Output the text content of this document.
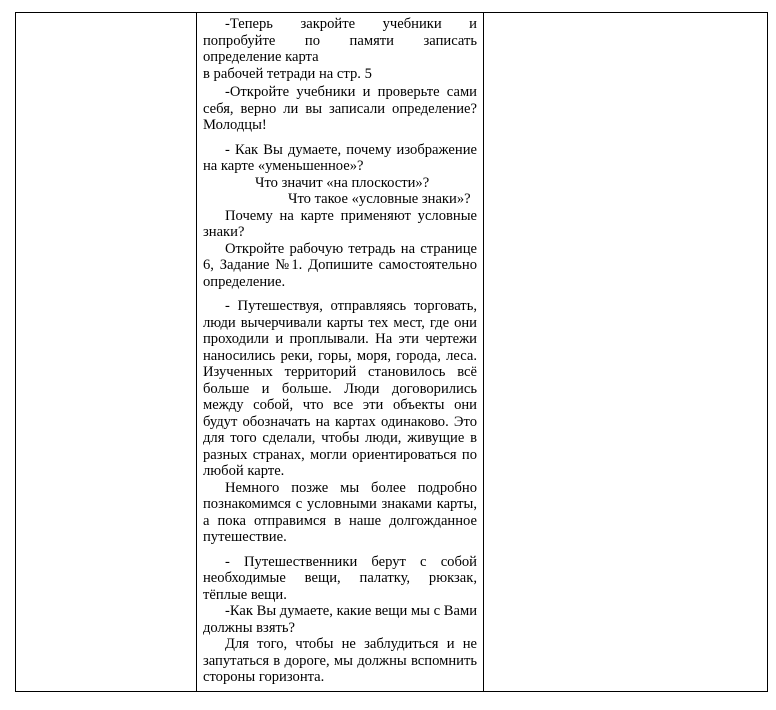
-Теперь закройте учебники и попробуйте по памяти записать определение карта

в рабочей тетради на стр. 5

-Откройте учебники и проверьте сами себя, верно ли вы записали определение? Молодцы!

- Как Вы думаете, почему изображение на карте «уменьшенное»?

Что значит «на плоскости»?

Что такое «условные знаки»?

Почему на карте применяют условные знаки?

Откройте рабочую тетрадь на странице 6, Задание №1. Допишите самостоятельно определение.

- Путешествуя, отправляясь торговать, люди вычерчивали карты тех мест, где они проходили и проплывали. На эти чертежи наносились реки, горы, моря, города, леса. Изученных территорий становилось всё больше и больше. Люди договорились между собой, что все эти объекты они будут обозначать на картах одинаково. Это для того сделали, чтобы люди, живущие в разных странах, могли ориентироваться по любой карте.

Немного позже мы более подробно познакомимся с условными знаками карты, а пока отправимся в наше долгожданное путешествие.

- Путешественники берут с собой необходимые вещи, палатку, рюкзак, тёплые вещи.

-Как Вы думаете, какие вещи мы с Вами должны взять?

Для того, чтобы не заблудиться и не запутаться в дороге, мы должны вспомнить стороны горизонта.
